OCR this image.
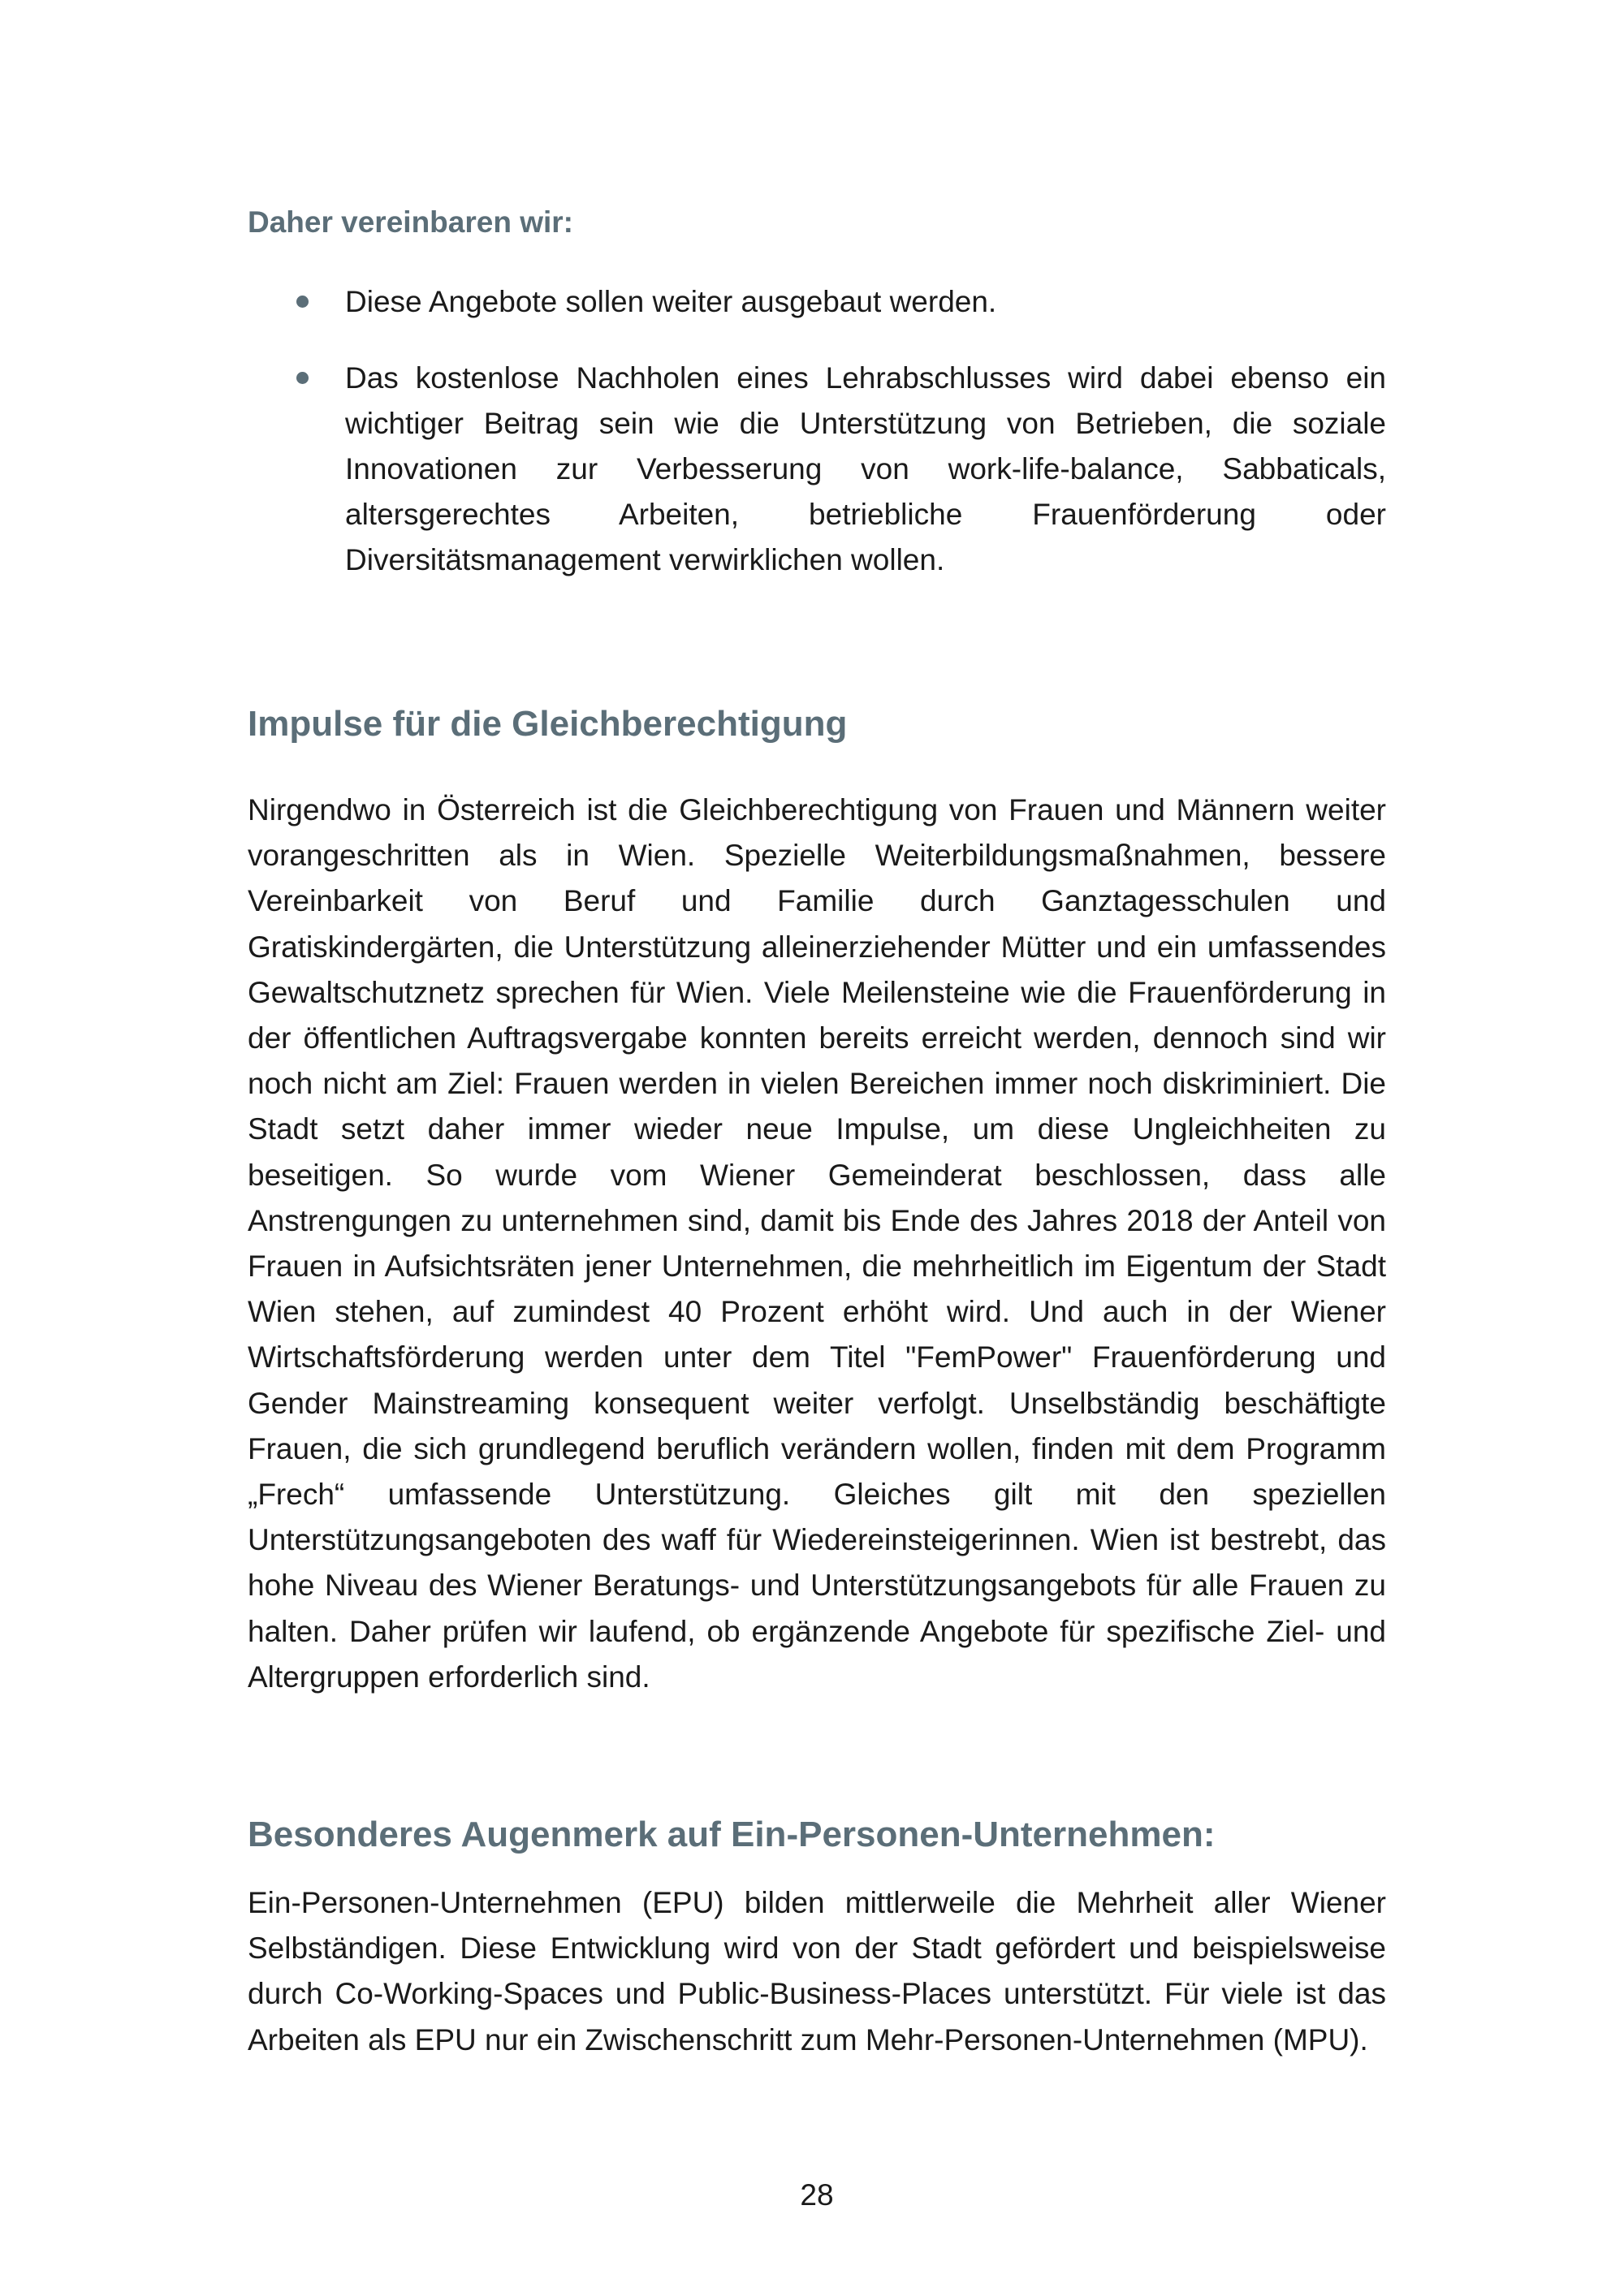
Daher vereinbaren wir:

Diese Angebote sollen weiter ausgebaut werden.
Das kostenlose Nachholen eines Lehrabschlusses wird dabei ebenso ein wichtiger Beitrag sein wie die Unterstützung von Betrieben, die soziale Innovationen zur Verbesserung von work-life-balance, Sabbaticals, altersgerechtes Arbeiten, betriebliche Frauenförderung oder Diversitätsmanagement verwirklichen wollen.
Impulse für die Gleichberechtigung

Nirgendwo in Österreich ist die Gleichberechtigung von Frauen und Männern weiter vorangeschritten als in Wien. Spezielle Weiterbildungsmaßnahmen, bessere Vereinbarkeit von Beruf und Familie durch Ganztagesschulen und Gratiskindergärten, die Unterstützung alleinerziehender Mütter und ein umfassendes Gewaltschutznetz sprechen für Wien. Viele Meilensteine wie die Frauenförderung in der öffentlichen Auftragsvergabe konnten bereits erreicht werden, dennoch sind wir noch nicht am Ziel: Frauen werden in vielen Bereichen immer noch diskriminiert. Die Stadt setzt daher immer wieder neue Impulse, um diese Ungleichheiten zu beseitigen. So wurde vom Wiener Gemeinderat beschlossen, dass alle Anstrengungen zu unternehmen sind, damit bis Ende des Jahres 2018 der Anteil von Frauen in Aufsichtsräten jener Unternehmen, die mehrheitlich im Eigentum der Stadt Wien stehen, auf zumindest 40 Prozent erhöht wird. Und auch in der Wiener Wirtschaftsförderung werden unter dem Titel "FemPower" Frauenförderung und Gender Mainstreaming konsequent weiter verfolgt. Unselbständig beschäftigte Frauen, die sich grundlegend beruflich verändern wollen, finden mit dem Programm „Frech“ umfassende Unterstützung. Gleiches gilt mit den speziellen Unterstützungsangeboten des waff für Wiedereinsteigerinnen. Wien ist bestrebt, das hohe Niveau des Wiener Beratungs- und Unterstützungsangebots für alle Frauen zu halten. Daher prüfen wir laufend, ob ergänzende Angebote für spezifische Ziel- und Altergruppen erforderlich sind.

Besonderes Augenmerk auf Ein-Personen-Unternehmen:

Ein-Personen-Unternehmen (EPU) bilden mittlerweile die Mehrheit aller Wiener Selbständigen. Diese Entwicklung wird von der Stadt gefördert und beispielsweise durch Co-Working-Spaces und Public-Business-Places unterstützt. Für viele ist das Arbeiten als EPU nur ein Zwischenschritt zum Mehr-Personen-Unternehmen (MPU).

28
